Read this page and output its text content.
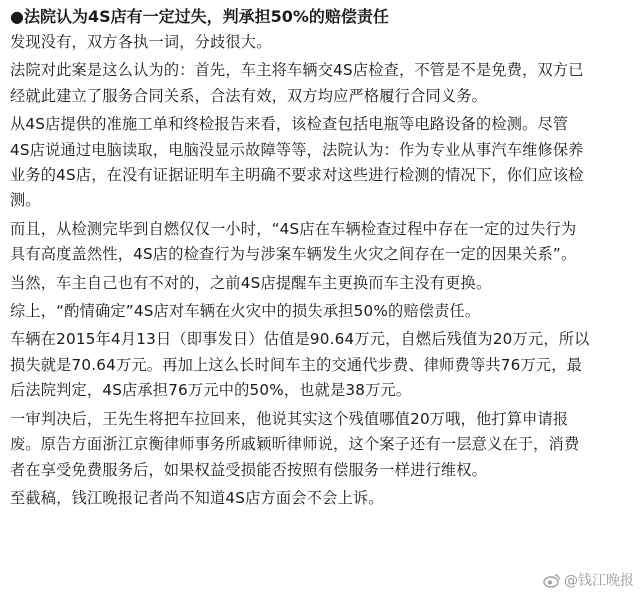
●法院认为4S店有一定过失，判承担50%的赔偿责任
发现没有，双方各执一词，分歧很大。
法院对此案是这么认为的：首先，车主将车辆交4S店检查，不管是不是免费，双方已
经就此建立了服务合同关系，合法有效，双方均应严格履行合同义务。
从4S店提供的准施工单和终检报告来看，该检查包括电瓶等电路设备的检测。尽管
4S店说通过电脑读取，电脑没显示故障等等，法院认为：作为专业从事汽车维修保养
业务的4S店，在没有证据证明车主明确不要求对这些进行检测的情况下，你们应该检
测。
而且，从检测完毕到自燃仅仅一小时，“4S店在车辆检查过程中存在一定的过失行为
具有高度盖然性，4S店的检查行为与涉案车辆发生火灾之间存在一定的因果关系”。
当然，车主自己也有不对的，之前4S店提醒车主更换而车主没有更换。
综上，“酌情确定”4S店对车辆在火灾中的损失承担50%的赔偿责任。
车辆在2015年4月13日（即事发日）估值是90.64万元，自燃后残值为20万元，所以
损失就是70.64万元。再加上这么长时间车主的交通代步费、律师费等共76万元，最
后法院判定，4S店承担76万元中的50%，也就是38万元。
一审判决后，王先生将把车拉回来，他说其实这个残值哪值20万哦，他打算申请报
废。原告方面浙江京衡律师事务所戚颖昕律师说，这个案子还有一层意义在于，消费
者在享受免费服务后，如果权益受损能否按照有偿服务一样进行维权。
至截稿，钱江晚报记者尚不知道4S店方面会不会上诉。
@钱江晚报
